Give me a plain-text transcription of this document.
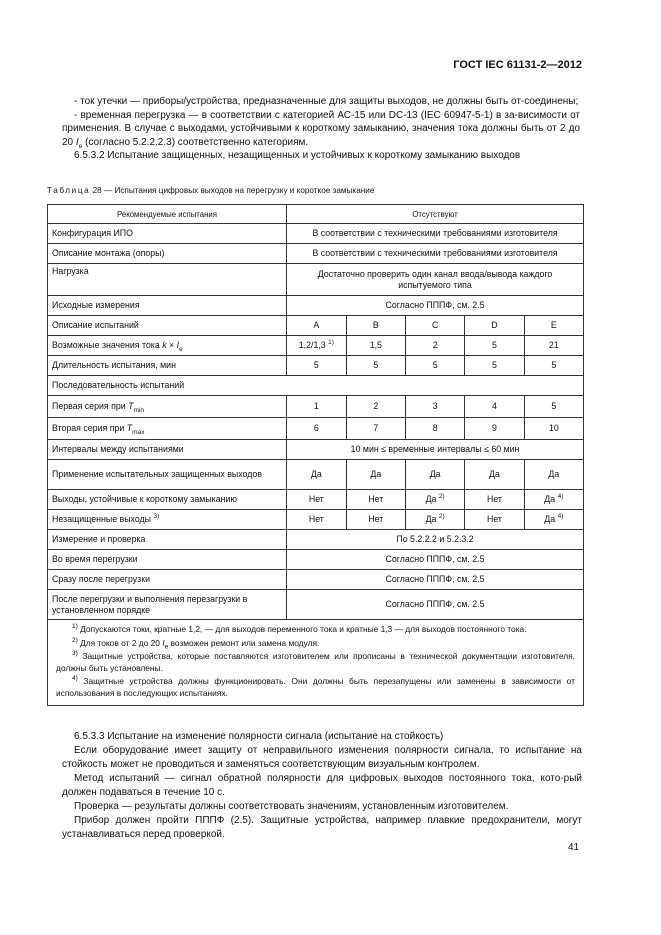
ГОСТ IEC 61131-2—2012
- ток утечки — приборы/устройства, предназначенные для защиты выходов, не должны быть от-соединены;
- временная перегрузка — в соответствии с категорией АС-15 или DC-13 (IEC 60947-5-1) в за-висимости от применения. В случае с выходами, устойчивыми к короткому замыканию, значения тока должны быть от 2 до 20 $I_e$ (согласно 5.2.2.2.3) соответственно категориям.
6.5.3.2 Испытание защищенных, незащищенных и устойчивых к короткому замыканию выходов
Таблица 28 — Испытания цифровых выходов на перегрузку и короткое замыкание
Рекомендуемые испытания	Отсутствуют				
Конфигурация ИПО	В соответствии с техническими требованиями изготовителя				
Описание монтажа (опоры)	В соответствии с техническими требованиями изготовителя				
Нагрузка	Достаточно проверить один канал ввода/вывода каждого испытуемого типа				
Исходные измерения	Согласно ПППФ, см. 2.5				
Описание испытаний	A	B	C	D	E
Возможные значения тока $k \times I_e$	1,2/1,3 $^{1)}$	1,5	2	5	21
Длительность испытания, мин	5	5	5	5	5
Последовательность испытаний					
Первая серия при $T_{min}$	1	2	3	4	5
Вторая серия при $T_{max}$	6	7	8	9	10
Интервалы между испытаниями	10 мин ≤ временные интервалы ≤ 60 мин				
Применение испытательных защищенных выходов	Да	Да	Да	Да	Да
Выходы, устойчивые к короткому замыканию	Нет	Нет	Да $^{2)}$	Нет	Да $^{4)}$
Незащищенные выходы $^{3)}$	Нет	Нет	Да $^{2)}$	Нет	Да $^{4)}$
Измерение и проверка	По 5.2.2.2 и 5.2.3.2				
Во время перегрузки	Согласно ПППФ, см. 2.5				
Сразу после перегрузки	Согласно ПППФ, см. 2.5				
После перегрузки и выполнения перезагрузки в установленном порядке	Согласно ПППФ, см. 2.5				

$^{1)}$ Допускаются токи, кратные 1,2, — для выходов переменного тока и кратные 1,3 — для выходов постоянного тока.

$^{2)}$ Для токов от 2 до 20 $I_e$ возможен ремонт или замена модуля.

$^{3)}$ Защитные устройства, которые поставляются изготовителем или прописаны в технической документации изготовителя, должны быть установлены.

$^{4)}$ Защитные устройства должны функционировать. Они должны быть перезапущены или заменены в зависимости от использования в последующих испытаниях.					

6.5.3.3 Испытание на изменение полярности сигнала (испытание на стойкость)
Если оборудование имеет защиту от неправильного изменения полярности сигнала, то испытание на стойкость может не проводиться и заменяться соответствующим визуальным контролем.
Метод испытаний — сигнал обратной полярности для цифровых выходов постоянного тока, кото-рый должен подаваться в течение 10 с.
Проверка — результаты должны соответствовать значениям, установленным изготовителем.
Прибор должен пройти ПППФ (2.5). Защитные устройства, например плавкие предохранители, могут устанавливаться перед проверкой.
41
